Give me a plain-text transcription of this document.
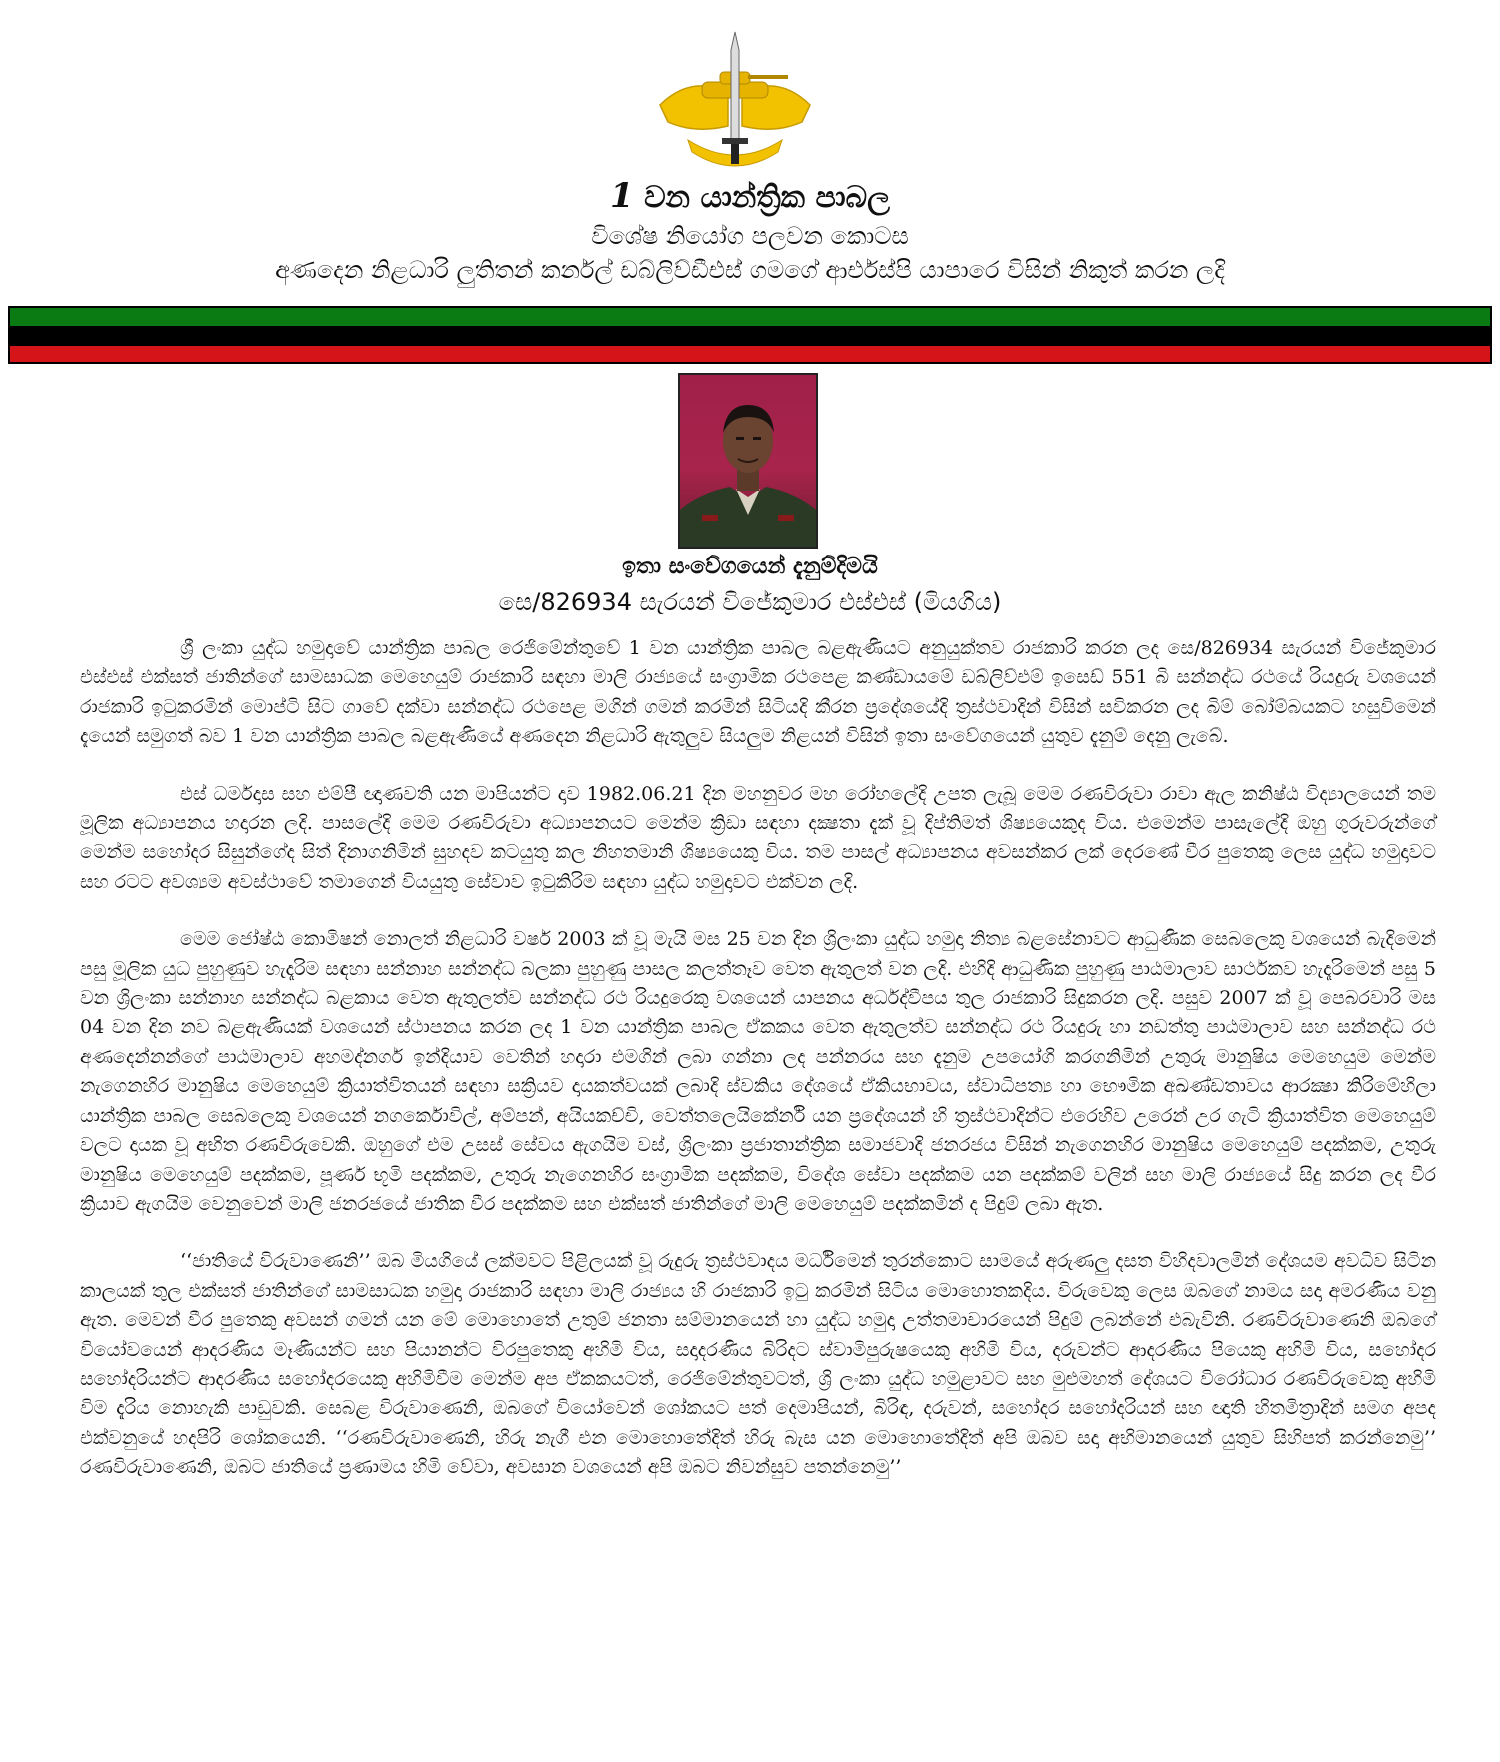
1 වන යාන්ත්‍රික පාබල
විශේෂ නියෝග පලවන කොටස
අණදෙන නිළධාරි ලුතිතන් කර්නල් ඩබ්ලිව්ඩීඑස් ගමගේ ආර්එස්පි යාපාරෙ විසින් නිකුත් කරන ලදි
ඉතා සංවේගයෙන් දැනුම්දිමයි
සෙ/826934 සැරයන් විජේකුමාර එස්එස් (මියගිය)

ශ්‍රී ලංකා යුද්ධ හමුදාවේ යාන්ත්‍රික පාබල රෙජිමේන්තුවේ 1 වන යාන්ත්‍රික පාබල බළඇණියට අනුයුක්තව රාජකාරි කරන ලද සෙ/826934 සැරයන් විජේකුමාර එස්එස් එක්සත් ජාතින්ගේ සාමසාධක මෙහෙයුම් රාජකාරි සඳහා මාලි රාජ්‍යයේ සංග්‍රාමික රථපෙළ කණ්ඩායමේ ඩබ්ලිව්එම් ඉසෙඩ් 551 බි සන්නද්ධ රථයේ රියදුරු වශයෙන් රාජකාරි ඉටුකරමින් මොප්ටි සිට ගාවේ දක්වා සන්නද්ධ රථපෙළ මගින් ගමන් කරමින් සිටියදි කීරන ප්‍රදේශයේදි ත්‍රස්ථවාදින් විසින් සවිකරන ලද බිම් බෝම්බයකට හසුවිමෙන් දැයෙන් සමුගත් බව 1 වන යාන්ත්‍රික පාබල බළඇණියේ අණදෙන නිළධාරි ඇතුලුව සියලුම නිළයන් විසින් ඉතා සංවේගයෙන් යුතුව දැනුම් දෙනු ලැබේ.

එස් ධර්මදාස සහ එම්පී ඥාණවති යන මාපියන්ට දාව 1982.06.21 දින මහනුවර මහ රෝහලේදි උපත ලැබූ මෙම රණවිරුවා රාවා ඇල කනිෂ්ඨ විද්‍යාලයෙන් තම මූලික අධ්‍යාපනය හදාරන ලදි. පාසලේදි මෙම රණවිරුවා අධ්‍යාපනයට මෙන්ම ක්‍රිඩා සඳහා දක්‍ෂතා දැක් වූ දිප්තිමත් ශිෂ්‍යයෙකුද විය. එමෙන්ම පාසැලේදි ඔහු ගුරුවරුන්ගේ මෙන්ම සහෝදර සිසුන්ගේද සිත් දිනාගනිමින් සුහදව කටයුතු කල නිහතමානි ශිෂ්‍යයෙකු විය. තම පාසල් අධ්‍යාපනය අවසන්කර ලක් දෙරණේ වීර පුතෙකු ලෙස යුද්ධ හමුදාවට සහ රටට අවශ්‍යම අවස්ථාවේ තමාගෙන් වියයුතු සේවාව ඉටුකිරිම සඳහා යුද්ධ හමුදාවට එක්වන ලදි.

මෙම ජෝෂ්ඨ කොමිෂන් නොලත් නිළධාරි වර්ෂ 2003 ක් වූ මැයි මස 25 වන දින ශ්‍රිලංකා යුද්ධ හමුදා නිත්‍ය බළසේනාවට ආධුණික සෙබලෙකු වශයෙන් බැදිමෙන් පසු මූලික යුධ පුහුණුව හැදෑරිම සඳහා සන්නාහ සන්නද්ධ බලකා පුහුණු පාසල කලත්තෑව වෙත ඇතුලත් වන ලදි. එහිදි ආධුණික පුහුණු පාඨමාලාව සාර්ථකව හැදෑරිමෙන් පසු 5 වන ශ්‍රිලංකා සන්නාහ සන්නද්ධ බළකාය වෙත ඇතුලත්ව සන්නද්ධ රථ රියදුරෙකු වශයෙන් යාපනය අර්ධද්වීපය තුල රාජකාරි සිදුකරන ලදි. පසුව 2007 ක් වූ පෙබරවාරි මස 04 වන දින නව බළඇණියක් වශයෙන් ස්ථාපනය කරන ලද 1 වන යාන්ත්‍රික පාබල ඒකකය වෙත ඇතුලත්ව සන්නද්ධ රථ රියදුරු හා නඩත්තු පාඨමාලාව සහ සන්නද්ධ රථ අණදෙන්නන්ගේ පාඨමාලාව අහමද්නගර් ඉන්දියාව වෙතින් හදාරා එමගින් ලබා ගන්නා ලද පන්නරය සහ දැනුම උපයෝගි කරගනිමින් උතුරු මානුෂිය මෙහෙයුම මෙන්ම නැගෙනහිර මානුෂිය මෙහෙයුම් ක්‍රියාත්විතයන් සඳහා සක්‍රියව දායකත්වයක් ලබාදි ස්වකිය දේශයේ ඒකියභාවය, ස්වාධිපත්‍ය හා භෞමික අඛණ්ඩතාවය ආරක්‍ෂා කිරිමේහිලා යාන්ත්‍රික පාබල සෙබලෙකු වශයෙන් නගර්කොවිල්, අම්පන්, අයියකච්චි, වෙත්තලෙයිකේර්නි යන ප්‍රදේශයන් හි ත්‍රස්ථවාදින්ට එරෙහිව උරෙන් උර ගැටි ක්‍රියාත්විත මෙහෙයුම් වලට දායක වූ අභිත රණවිරුවෙකි. ඔහුගේ එම උසස් සේවය ඇගයිම වස්, ශ්‍රිලංකා ප්‍රජාතාන්ත්‍රික සමාජවාදි ජනරජය විසින් නැගෙනහිර මානුෂිය මෙහෙයුම් පදක්කම, උතුරු මානුෂිය මෙහෙයුම් පදක්කම, පූර්ණ භූමි පදක්කම, උතුරු නැගෙනහිර සංග්‍රාමික පදක්කම, විදේශ සේවා පදක්කම යන පදක්කම් වලින් සහ මාලි රාජ්‍යයේ සිදු කරන ලද වීර ක්‍රියාව ඇගයිම වෙනුවෙන් මාලි ජනරජයේ ජාතික වීර පදක්කම සහ එක්සත් ජාතින්ගේ මාලි මෙහෙයුම් පදක්කමින් ද පිදුම් ලබා ඇත.

‘‘ජාතියේ විරුවාණෙනි’’ ඔබ මියගියේ ලක්මවට පිළිලයක් වූ රුදුරු ත්‍රස්ථවාදය මර්ධිමෙන් තුරන්කොට සාමයේ අරුණලු දසත විහිදවාලමින් දේශයම අවධිව සිටින කාලයක් තුල එක්සත් ජාතින්ගේ සාමසාධක හමුදා රාජකාරි සඳහා මාලි රාජ්‍යය හි රාජකාරි ඉටු කරමින් සිටිය මොහොතකදිය. විරුවෙකු ලෙස ඔබගේ නාමය සදා අමරණිය වනු ඇත. මෙවන් වීර පුතෙකු අවසන් ගමන් යන මේ මොහොතේ උතුම් ජනතා සම්මානයෙන් හා යුද්ධ හමුදා උත්තමාචාරයෙන් පිදුම් ලබන්නේ එබැවිනි. රණවිරුවාණෙනි ඔබගේ වියෝවයෙන් ආදරණිය මෑණියන්ට සහ පියානන්ට විරපුතෙකු අහිමි විය, සදාදරණිය බිරිදට ස්වාමිපුරුෂයෙකු අහිමි විය, දරුවන්ට ආදරණිය පියෙකු අහිමි විය, සහෝදර සහෝදරියන්ට ආදරණිය සහෝදරයෙකු අහිමිවීම මෙන්ම අප ඒකකයටත්, රෙජිමේන්තුවටත්, ශ්‍රි ලංකා යුද්ධ හමුළාවට සහ මුළුමහත් දේශයට විරෝධාර රණවිරුවෙකු අහිමි විම දැරිය නොහැකි පාඩුවකි. සෙබළ විරුවාණෙනි, ඔබගේ වියෝවෙන් ශෝකයට පත් දෙමාපියන්, බිරිඳ, දරුවන්, සහෝදර සහෝදරියන් සහ ඥාති හිතමිත්‍රාදින් සමග අපද එක්වනුයේ හදපිරි ශෝකයෙනි. ‘‘රණවිරුවාණෙනි, හිරු නැගී එන මොහොතේදිත් හිරු බැස යන මොහොතේදිත් අපි ඔබව සදා අභිමානයෙන් යුතුව සිහිපත් කරන්නෙමු’’ රණවිරුවාණෙනි, ඔබට ජාතියේ ප්‍රණාමය හිමි වේවා, අවසාන වශයෙන් අපි ඔබට නිවන්සුව පතන්නෙමු’’
